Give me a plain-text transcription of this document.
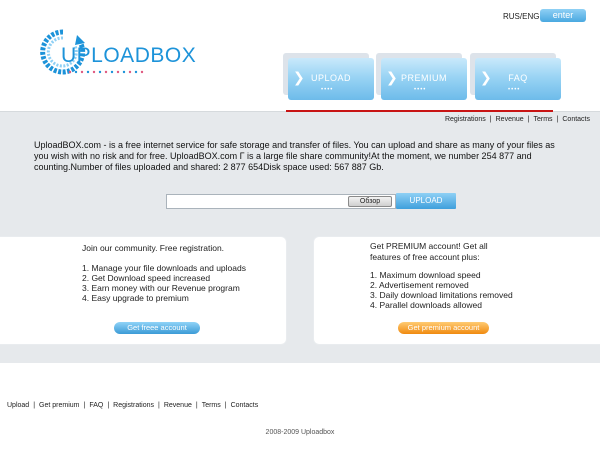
RUS/ENG	enter
UPLOADBOX
❯ UPLOAD
••••
❯ PREMIUM
••••
❯	FAQ
••••
Registrations | Revenue | Terms | Contacts

UploadBOX.com - is a free internet service for safe storage and transfer of files. You can upload and share as many of your files as you wish with no risk and for free. UploadBOX.com Г is a large file share community!At the moment, we number 254 877 and counting.Number of files uploaded and shared: 2 877 654Disk space used: 567 887 Gb.

Обзор	UPLOAD
Join our community. Free registration.
1. Manage your file downloads and uploads
2. Get Download speed increased
3. Earn money with our Revenue program
4. Easy upgrade to premium
Get freee account
Get PREMIUM account! Get all features of free account plus:
1. Maximum download speed
2. Advertisement removed
3. Daily download limitations removed
4. Parallel downloads allowed
Get premium account
Upload | Get premium | FAQ | Registrations | Revenue | Terms | Contacts
2008-2009 Uploadbox
